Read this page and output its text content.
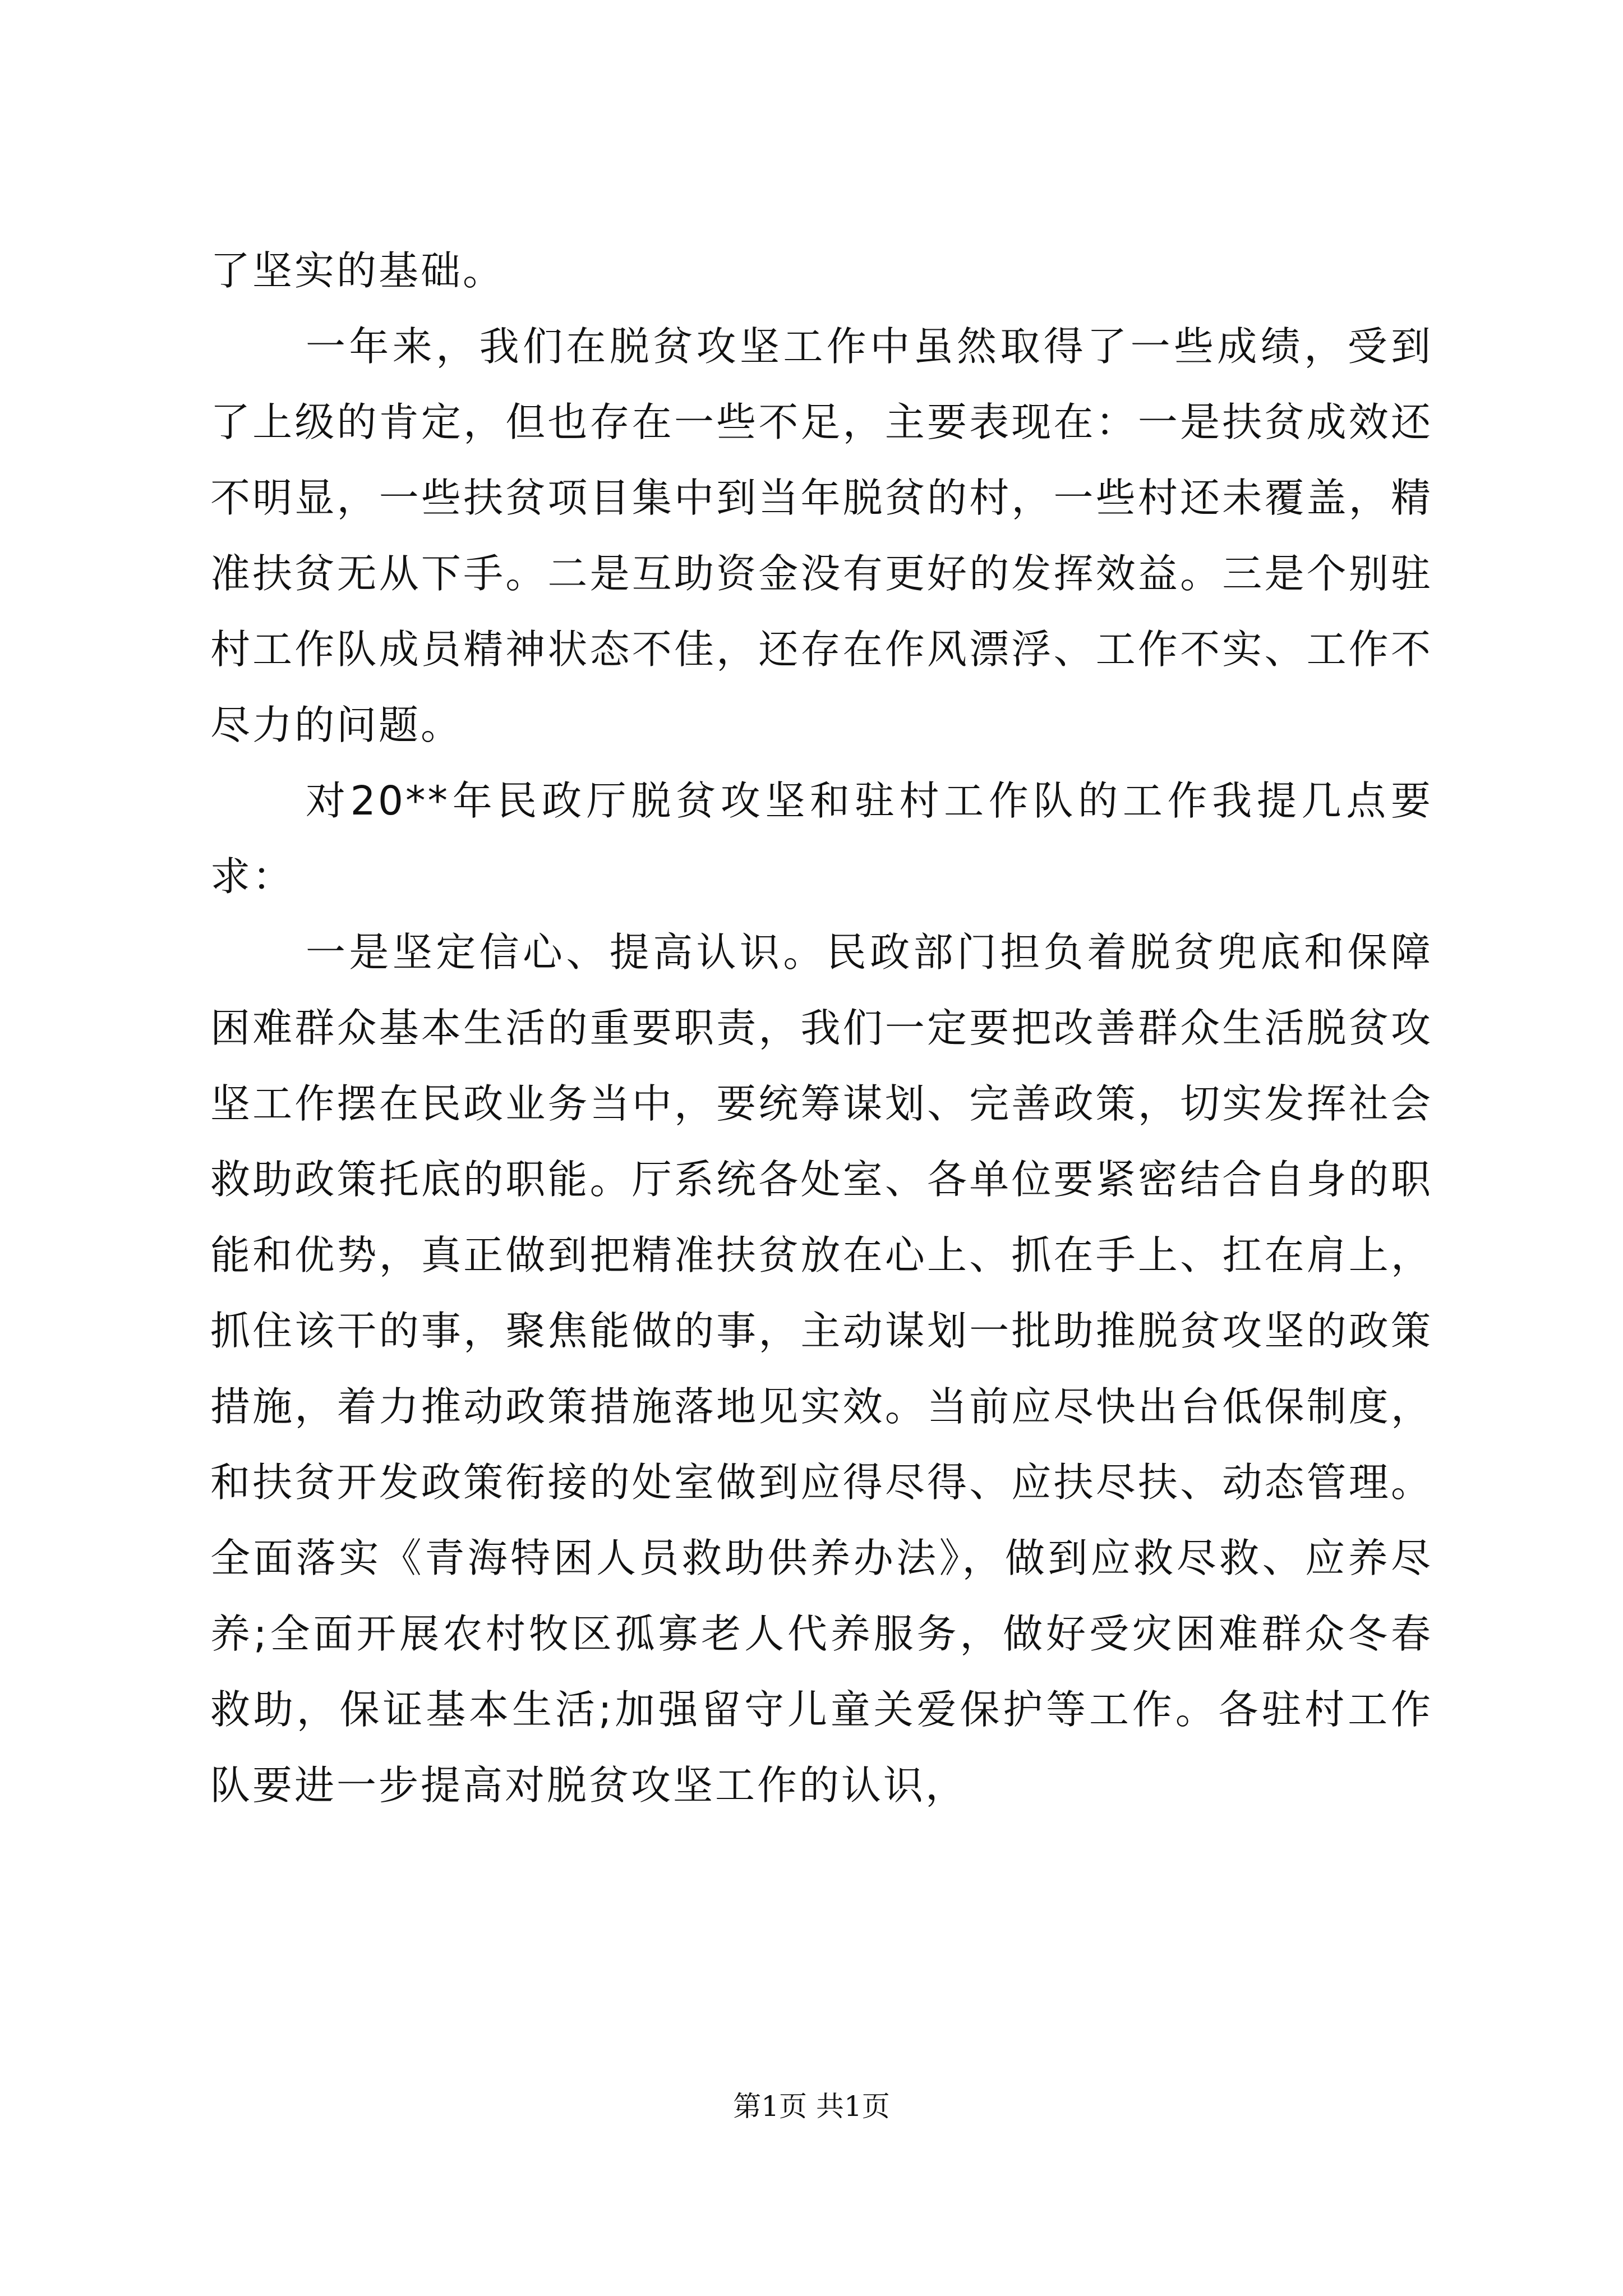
了坚实的基础。

一年来，我们在脱贫攻坚工作中虽然取得了一些成绩，受到了上级的肯定，但也存在一些不足，主要表现在：一是扶贫成效还不明显，一些扶贫项目集中到当年脱贫的村，一些村还未覆盖，精准扶贫无从下手。二是互助资金没有更好的发挥效益。三是个别驻村工作队成员精神状态不佳，还存在作风漂浮、工作不实、工作不尽力的问题。

对20**年民政厅脱贫攻坚和驻村工作队的工作我提几点要求：

一是坚定信心、提高认识。民政部门担负着脱贫兜底和保障困难群众基本生活的重要职责，我们一定要把改善群众生活脱贫攻坚工作摆在民政业务当中，要统筹谋划、完善政策，切实发挥社会救助政策托底的职能。厅系统各处室、各单位要紧密结合自身的职能和优势，真正做到把精准扶贫放在心上、抓在手上、扛在肩上，抓住该干的事，聚焦能做的事，主动谋划一批助推脱贫攻坚的政策措施，着力推动政策措施落地见实效。当前应尽快出台低保制度，和扶贫开发政策衔接的处室做到应得尽得、应扶尽扶、动态管理。全面落实《青海特困人员救助供养办法》，做到应救尽救、应养尽养;全面开展农村牧区孤寡老人代养服务，做好受灾困难群众冬春救助，保证基本生活;加强留守儿童关爱保护等工作。各驻村工作队要进一步提高对脱贫攻坚工作的认识，

第1页 共1页
